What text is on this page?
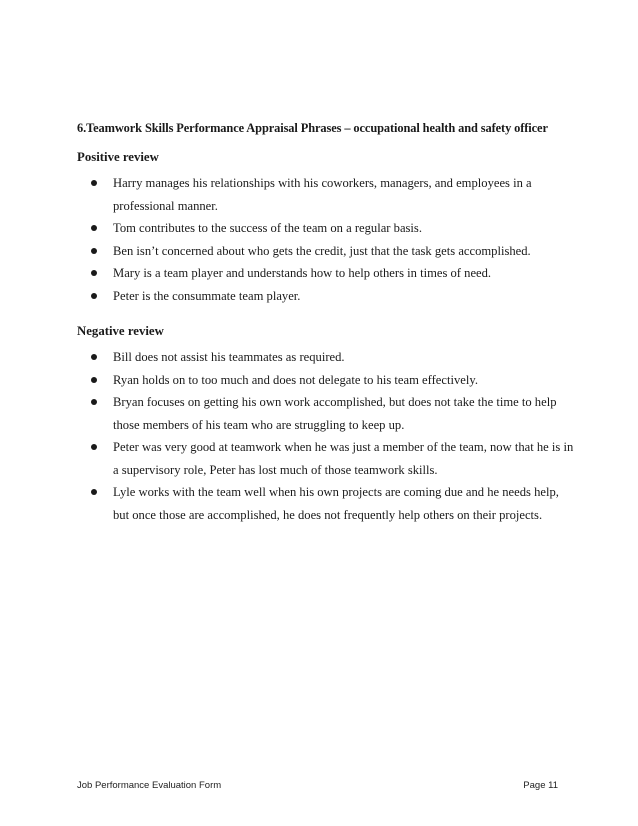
6.Teamwork Skills Performance Appraisal Phrases – occupational health and safety officer
Positive review
Harry manages his relationships with his coworkers, managers, and employees in a professional manner.
Tom contributes to the success of the team on a regular basis.
Ben isn’t concerned about who gets the credit, just that the task gets accomplished.
Mary is a team player and understands how to help others in times of need.
Peter is the consummate team player.
Negative review
Bill does not assist his teammates as required.
Ryan holds on to too much and does not delegate to his team effectively.
Bryan focuses on getting his own work accomplished, but does not take the time to help those members of his team who are struggling to keep up.
Peter was very good at teamwork when he was just a member of the team, now that he is in a supervisory role, Peter has lost much of those teamwork skills.
Lyle works with the team well when his own projects are coming due and he needs help, but once those are accomplished, he does not frequently help others on their projects.
Job Performance Evaluation Form	Page 11
